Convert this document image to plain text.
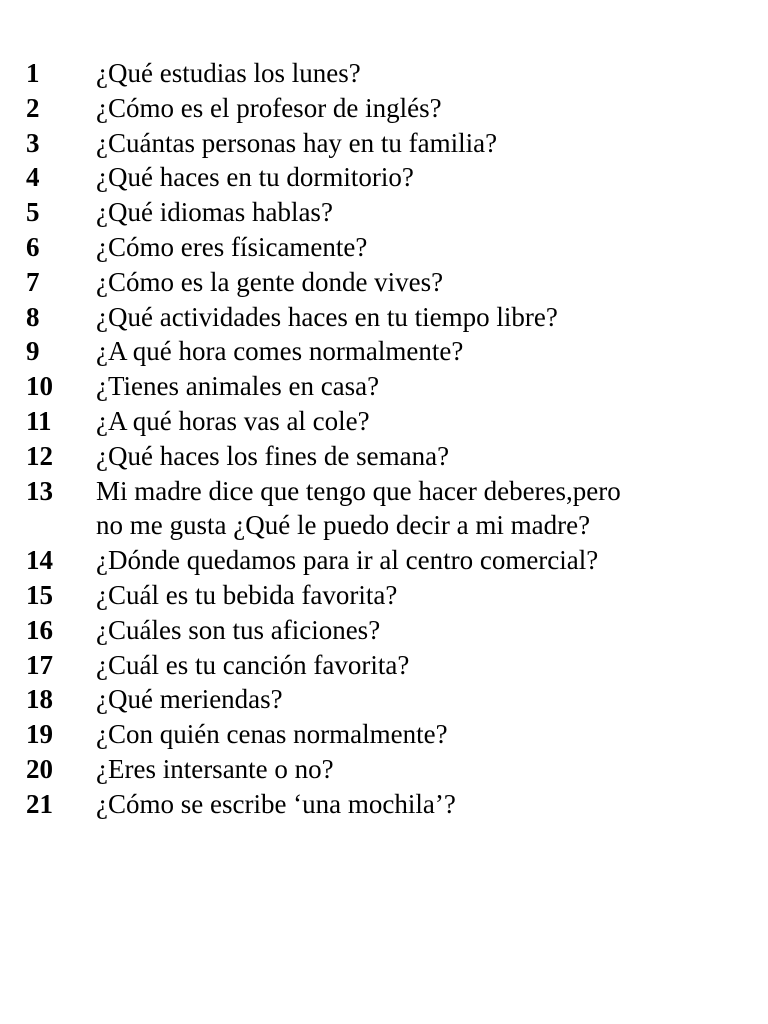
1	¿Qué estudias los lunes?
2	¿Cómo es el profesor de inglés?
3	¿Cuántas personas hay en tu familia?
4	¿Qué haces en tu dormitorio?
5	¿Qué idiomas hablas?
6	¿Cómo eres físicamente?
7	¿Cómo es la gente donde vives?
8	¿Qué actividades haces en tu tiempo libre?
9	¿A qué hora comes normalmente?
10	¿Tienes animales en casa?
11	¿A qué horas vas al cole?
12	¿Qué haces los fines de semana?
13	Mi madre dice que tengo que hacer deberes,pero
no me gusta ¿Qué le puedo decir a mi madre?
14	¿Dónde quedamos para ir al centro comercial?
15	¿Cuál es tu bebida favorita?
16	¿Cuáles son tus aficiones?
17	¿Cuál es tu canción favorita?
18	¿Qué meriendas?
19	¿Con quién cenas normalmente?
20	¿Eres intersante o no?
21	¿Cómo se escribe ‘una mochila’?
